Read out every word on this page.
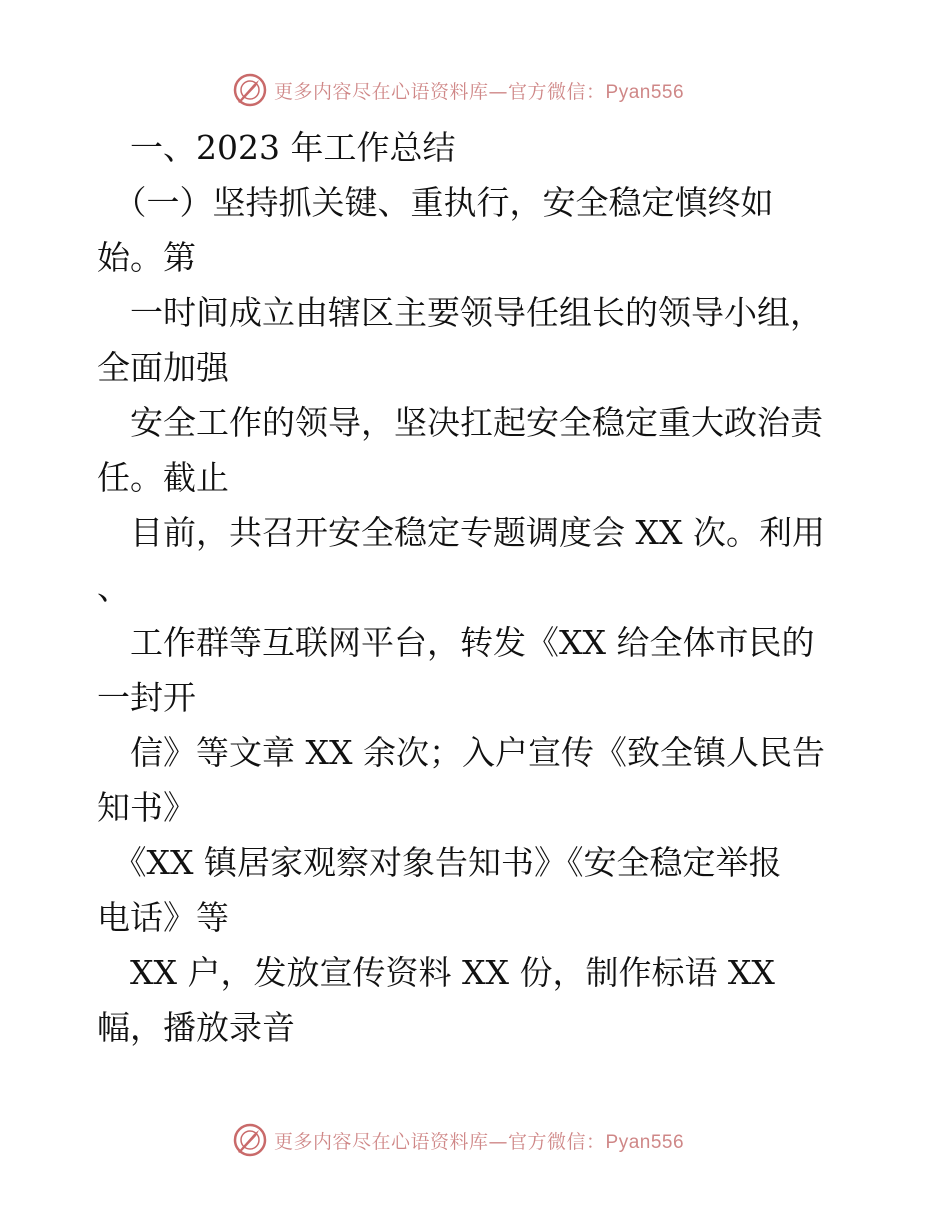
更多内容尽在心语资料库—官方微信：Pyan556
　一、2023 年工作总结
　（一）坚持抓关键、重执行，安全稳定慎终如
始。第
　一时间成立由辖区主要领导任组长的领导小组，
全面加强
　安全工作的领导，坚决扛起安全稳定重大政治责
任。截止
　目前，共召开安全稳定专题调度会 XX 次。利用
、
　工作群等互联网平台，转发《XX 给全体市民的
一封开
　信》等文章 XX 余次；入户宣传《致全镇人民告
知书》
　《XX 镇居家观察对象告知书》《安全稳定举报
电话》等
　XX 户，发放宣传资料 XX 份，制作标语 XX
幅，播放录音
更多内容尽在心语资料库—官方微信：Pyan556
